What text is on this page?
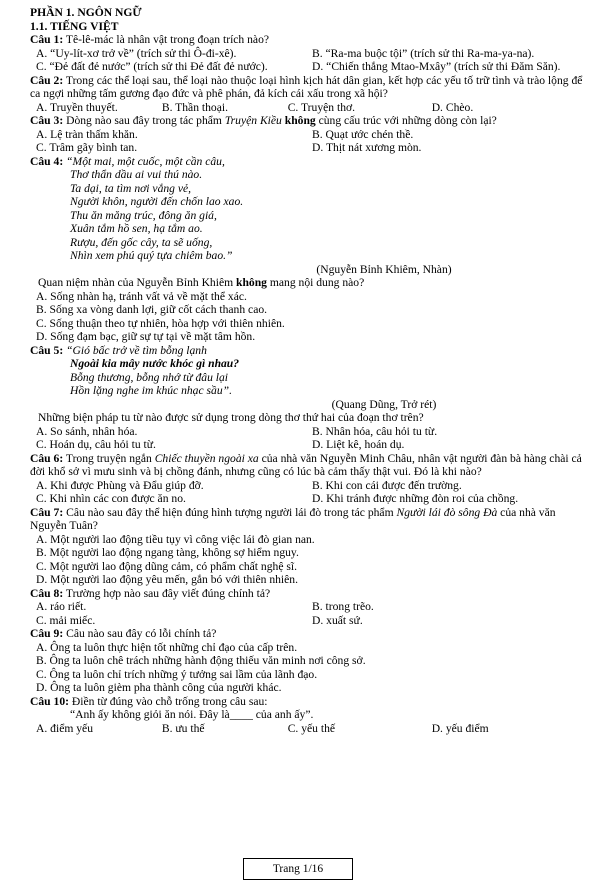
PHẦN 1. NGÔN NGỮ
1.1. TIẾNG VIỆT
Câu 1: Tê-lê-mác là nhân vật trong đoạn trích nào?
A. “Uy-lít-xơ trở về” (trích sử thi Ô-đi-xê).	B. “Ra-ma buộc tội” (trích sử thi Ra-ma-ya-na).
C. “Đẻ đất đẻ nước” (trích sử thi Đẻ đất đẻ nước).	D. “Chiến thắng Mtao-Mxây” (trích sử thi Đăm Săn).
Câu 2: Trong các thể loại sau, thể loại nào thuộc loại hình kịch hát dân gian, kết hợp các yếu tố trữ tình và trào lộng để ca ngợi những tấm gương đạo đức và phê phán, đả kích cái xấu trong xã hội?
A. Truyền thuyết.	B. Thần thoại.	C. Truyện thơ.	D. Chèo.
Câu 3: Dòng nào sau đây trong tác phẩm Truyện Kiều không cùng cấu trúc với những dòng còn lại?
A. Lệ tràn thấm khăn.	B. Quạt ước chén thề.
C. Trâm gãy bình tan.	D. Thịt nát xương mòn.
Câu 4: “Một mai, một cuốc, một cần câu,
Thơ thẩn dầu ai vui thú nào.
Ta dại, ta tìm nơi vắng vẻ,
Người khôn, người đến chốn lao xao.
Thu ăn măng trúc, đông ăn giá,
Xuân tắm hồ sen, hạ tắm ao.
Rượu, đến gốc cây, ta sẽ uống,
Nhìn xem phú quý tựa chiêm bao.”
(Nguyễn Bỉnh Khiêm, Nhàn)
Quan niệm nhàn của Nguyễn Bỉnh Khiêm không mang nội dung nào?
A. Sống nhàn hạ, tránh vất vả về mặt thể xác.
B. Sống xa vòng danh lợi, giữ cốt cách thanh cao.
C. Sống thuận theo tự nhiên, hòa hợp với thiên nhiên.
D. Sống đạm bạc, giữ sự tự tại về mặt tâm hồn.
Câu 5: “Gió bấc trở về tìm bỗng lạnh
Ngoài kia mây nước khóc gì nhau?
Bỗng thương, bỗng nhớ từ đâu lại
Hồn lặng nghe im khúc nhạc sầu”.
(Quang Dũng, Trở rét)
Những biện pháp tu từ nào được sử dụng trong dòng thơ thứ hai của đoạn thơ trên?
A. So sánh, nhân hóa.	B. Nhân hóa, câu hỏi tu từ.
C. Hoán dụ, câu hỏi tu từ.	D. Liệt kê, hoán dụ.
Câu 6: Trong truyện ngắn Chiếc thuyền ngoài xa của nhà văn Nguyễn Minh Châu, nhân vật người đàn bà hàng chài cả đời khổ sở vì mưu sinh và bị chồng đánh, nhưng cũng có lúc bà cảm thấy thật vui. Đó là khi nào?
A. Khi được Phùng và Đẩu giúp đỡ.	B. Khi con cái được đến trường.
C. Khi nhìn các con được ăn no.	D. Khi tránh được những đòn roi của chồng.
Câu 7: Câu nào sau đây thể hiện đúng hình tượng người lái đò trong tác phẩm Người lái đò sông Đà của nhà văn Nguyễn Tuân?
A. Một người lao động tiều tụy vì công việc lái đò gian nan.
B. Một người lao động ngang tàng, không sợ hiểm nguy.
C. Một người lao động dũng cảm, có phẩm chất nghệ sĩ.
D. Một người lao động yêu mến, gắn bó với thiên nhiên.
Câu 8: Trường hợp nào sau đây viết đúng chính tả?
A. ráo riết.	B. trong trẽo.
C. mải miếc.	D. xuất sứ.
Câu 9: Câu nào sau đây có lỗi chính tả?
A. Ông ta luôn thực hiện tốt những chỉ đạo của cấp trên.
B. Ông ta luôn chê trách những hành động thiếu văn minh nơi công sở.
C. Ông ta luôn chỉ trích những ý tưởng sai lầm của lãnh đạo.
D. Ông ta luôn gièm pha thành công của người khác.
Câu 10: Điền từ đúng vào chỗ trống trong câu sau:
“Anh ấy không giỏi ăn nói. Đây là____ của anh ấy”.
A. điểm yếu	B. ưu thế	C. yếu thế	D. yếu điểm
Trang 1/16
